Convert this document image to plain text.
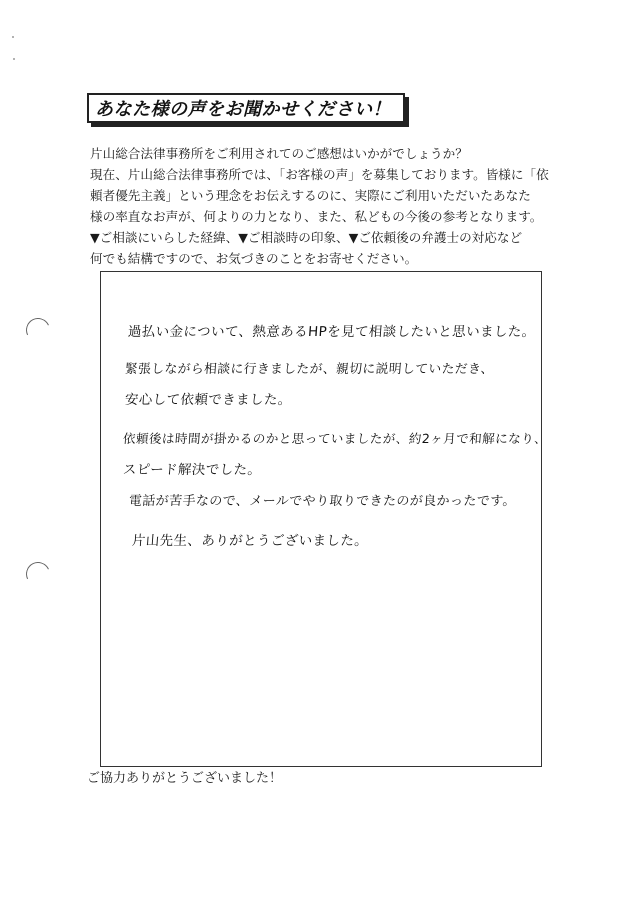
あなた様の声をお聞かせください！
片山総合法律事務所をご利用されてのご感想はいかがでしょうか？
現在、片山総合法律事務所では、「お客様の声」を募集しております。皆様に「依
頼者優先主義」という理念をお伝えするのに、実際にご利用いただいたあなた
様の率直なお声が、何よりの力となり、また、私どもの今後の参考となります。
▼ご相談にいらした経緯、▼ご相談時の印象、▼ご依頼後の弁護士の対応など
何でも結構ですので、お気づきのことをお寄せください。
過払い金について、熱意あるHPを見て相談したいと思いました。
緊張しながら相談に行きましたが、親切に説明していただき、
安心して依頼できました。
依頼後は時間が掛かるのかと思っていましたが、約2ヶ月で和解になり、
スピード解決でした。
電話が苦手なので、メールでやり取りできたのが良かったです。
片山先生、ありがとうございました。
ご協力ありがとうございました！
